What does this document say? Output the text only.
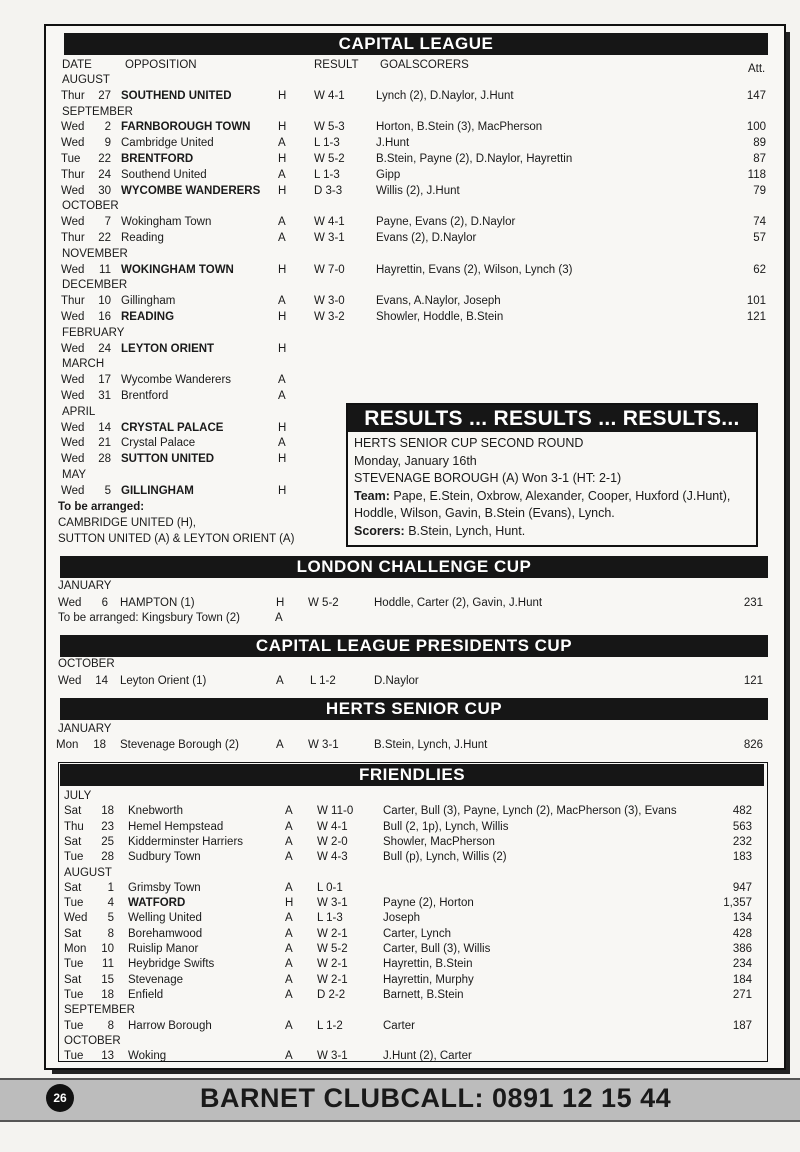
CAPITAL LEAGUE
DATE	OPPOSITION	RESULT GOALSCORERS	Att.
AUGUST
Thur 27 SOUTHEND UNITED	H W 4-1	Lynch (2), D.Naylor, J.Hunt	147
SEPTEMBER
Wed	2 FARNBOROUGH TOWN H W 5-3	Horton, B.Stein (3), MacPherson	100
Wed	9 Cambridge United	A L 1-3	J.Hunt	89
Tue 22 BRENTFORD	H W 5-2	B.Stein, Payne (2), D.Naylor, Hayrettin	87
Thur 24 Southend United	A L 1-3	Gipp	118
Wed 30 WYCOMBE WANDERERS H D 3-3	Willis (2), J.Hunt	79
OCTOBER
Wed	7 Wokingham Town	A W 4-1	Payne, Evans (2), D.Naylor	74
Thur 22 Reading	A W 3-1	Evans (2), D.Naylor	57
NOVEMBER
Wed	11 WOKINGHAM TOWN	H W 7-0	Hayrettin, Evans (2), Wilson, Lynch (3)	62
DECEMBER
Thur 10 Gillingham	A W 3-0	Evans, A.Naylor, Joseph	101
Wed 16 READING	H W 3-2	Showler, Hoddle, B.Stein	121
FEBRUARY
Wed 24 LEYTON ORIENT	H
MARCH
Wed 17 Wycombe Wanderers	A
Wed 31 Brentford	A
APRIL
Wed 14 CRYSTAL PALACE	H
Wed 21 Crystal Palace	A
Wed 28 SUTTON UNITED	H
MAY
Wed	5 GILLINGHAM	H
To be arranged:
CAMBRIDGE UNITED (H),
SUTTON UNITED (A) & LEYTON ORIENT (A)
RESULTS ... RESULTS ... RESULTS...
HERTS SENIOR CUP SECOND ROUND
Monday, January 16th
STEVENAGE BOROUGH (A) Won 3-1 (HT: 2-1)
Team: Pape, E.Stein, Oxbrow, Alexander, Cooper, Huxford (J.Hunt), Hoddle, Wilson, Gavin, B.Stein (Evans), Lynch.
Scorers: B.Stein, Lynch, Hunt.
LONDON CHALLENGE CUP
JANUARY
Wed	6 HAMPTON (1)	H W 5-2	Hoddle, Carter (2), Gavin, J.Hunt	231
To be arranged: Kingsbury Town (2)	A
CAPITAL LEAGUE PRESIDENTS CUP
OCTOBER
Wed 14 Leyton Orient (1)	A L 1-2	D.Naylor	121
HERTS SENIOR CUP
JANUARY
Mon 18 Stevenage Borough (2)	A W 3-1	B.Stein, Lynch, J.Hunt	826
FRIENDLIES
JULY
Sat 18 Knebworth	A W 11-0	Carter, Bull (3), Payne, Lynch (2), MacPherson (3), Evans	482
Thu 23 Hemel Hempstead	A W 4-1	Bull (2, 1p), Lynch, Willis	563
Sat 25 Kidderminster Harriers	A W 2-0	Showler, MacPherson	232
Tue 28 Sudbury Town	A W 4-3	Bull (p), Lynch, Willis (2)	183
AUGUST
Sat	1 Grimsby Town	A L 0-1	947
Tue	4 WATFORD	H W 3-1	Payne (2), Horton	1,357
Wed	5 Welling United	A L 1-3	Joseph	134
Sat	8 Borehamwood	A W 2-1	Carter, Lynch	428
Mon 10 Ruislip Manor	A W 5-2	Carter, Bull (3), Willis	386
Tue	11 Heybridge Swifts	A W 2-1	Hayrettin, B.Stein	234
Sat 15 Stevenage	A W 2-1	Hayrettin, Murphy	184
Tue 18 Enfield	A D 2-2	Barnett, B.Stein	271
SEPTEMBER
Tue	8 Harrow Borough	A L 1-2	Carter	187
OCTOBER
Tue 13 Woking	A W 3-1	J.Hunt (2), Carter
26	BARNET CLUBCALL: 0891 12 15 44
